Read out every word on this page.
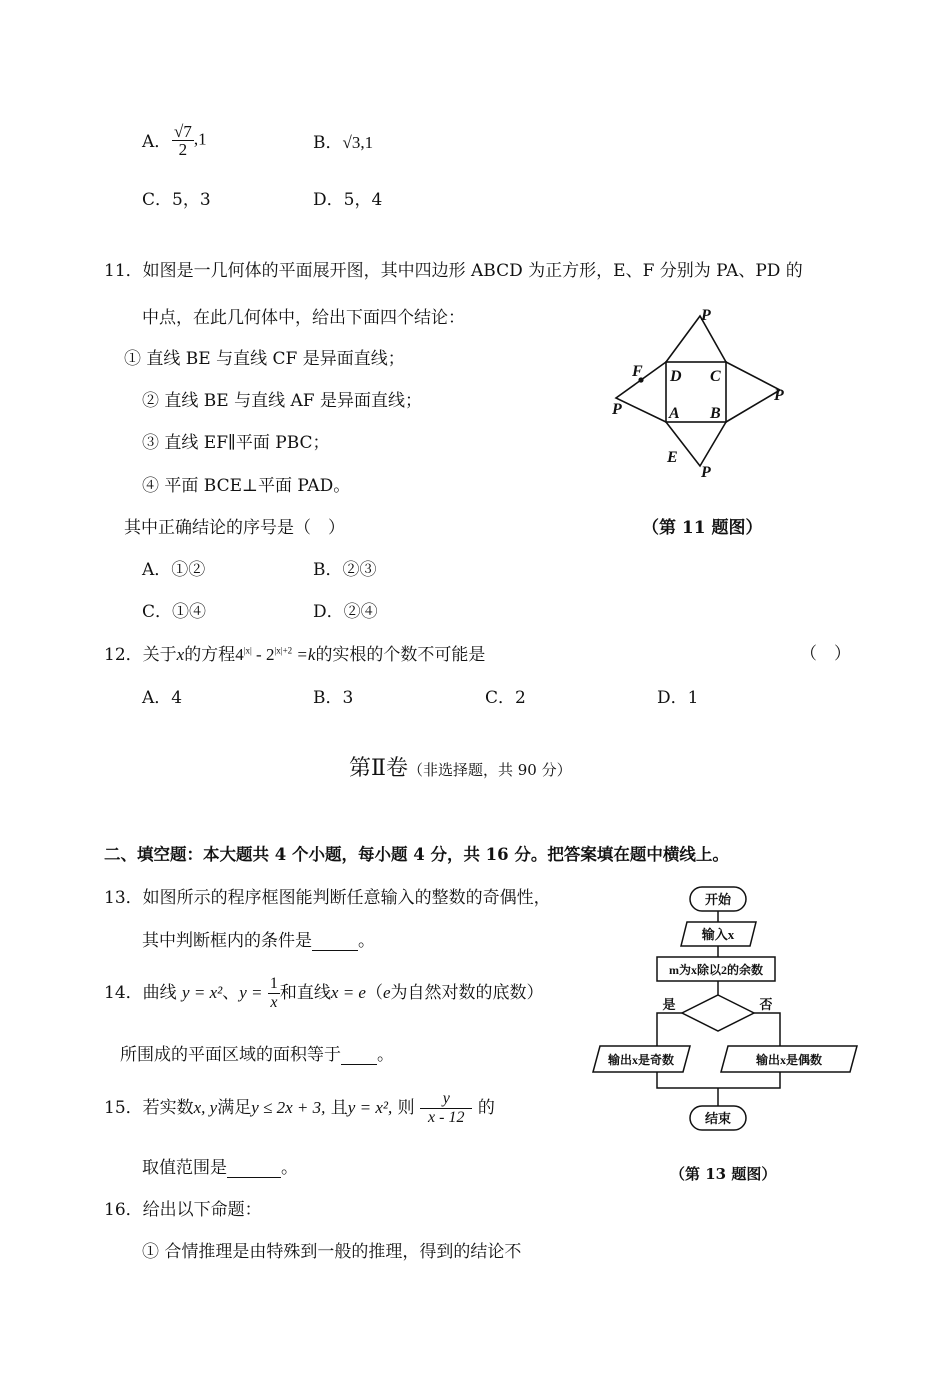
A． $\frac{√7}{2} ,1$	B．√3,1
C．5，3	D．5，4
11．如图是一几何体的平面展开图，其中四边形 ABCD 为正方形，E、F 分别为 PA、PD 的
中点，在此几何体中，给出下面四个结论：
① 直线 BE 与直线 CF 是异面直线；
② 直线 BE 与直线 AF 是异面直线；
③ 直线 EF∥平面 PBC；
④ 平面 BCE⊥平面 PAD。
其中正确结论的序号是（　）
A．①②	B．②③
C．①④	D．②④
P
F D C
P	A B
P
E
P
（第 11 题图）
12．关于x的方程$4^{|x|} - 2^{|x|+2} =k$的实根的个数不可能是	（　）
A．4	B．3	C．2	D．1
第Ⅱ卷（非选择题，共 90 分）
二、填空题：本大题共 4 个小题，每小题 4 分，共 16 分。把答案填在题中横线上。
13．如图所示的程序框图能判断任意输入的整数的奇偶性，
其中判断框内的条件是	。
开始
输入x
m为x除以2的余数
是	否
输出x是奇数	输出x是偶数
结束
（第 13 题图）
14．曲线 y = x²、$y = \frac{1}{x}$ 和直线x = e（e为自然对数的底数）
所围成的平面区域的面积等于 。
15．若实数x, y满足y ≤ 2x + 3, 且y = x², 则 $\frac{y}{x - 12}$ 的
取值范围是	。
16．给出以下命题：
① 合情推理是由特殊到一般的推理，得到的结论不
